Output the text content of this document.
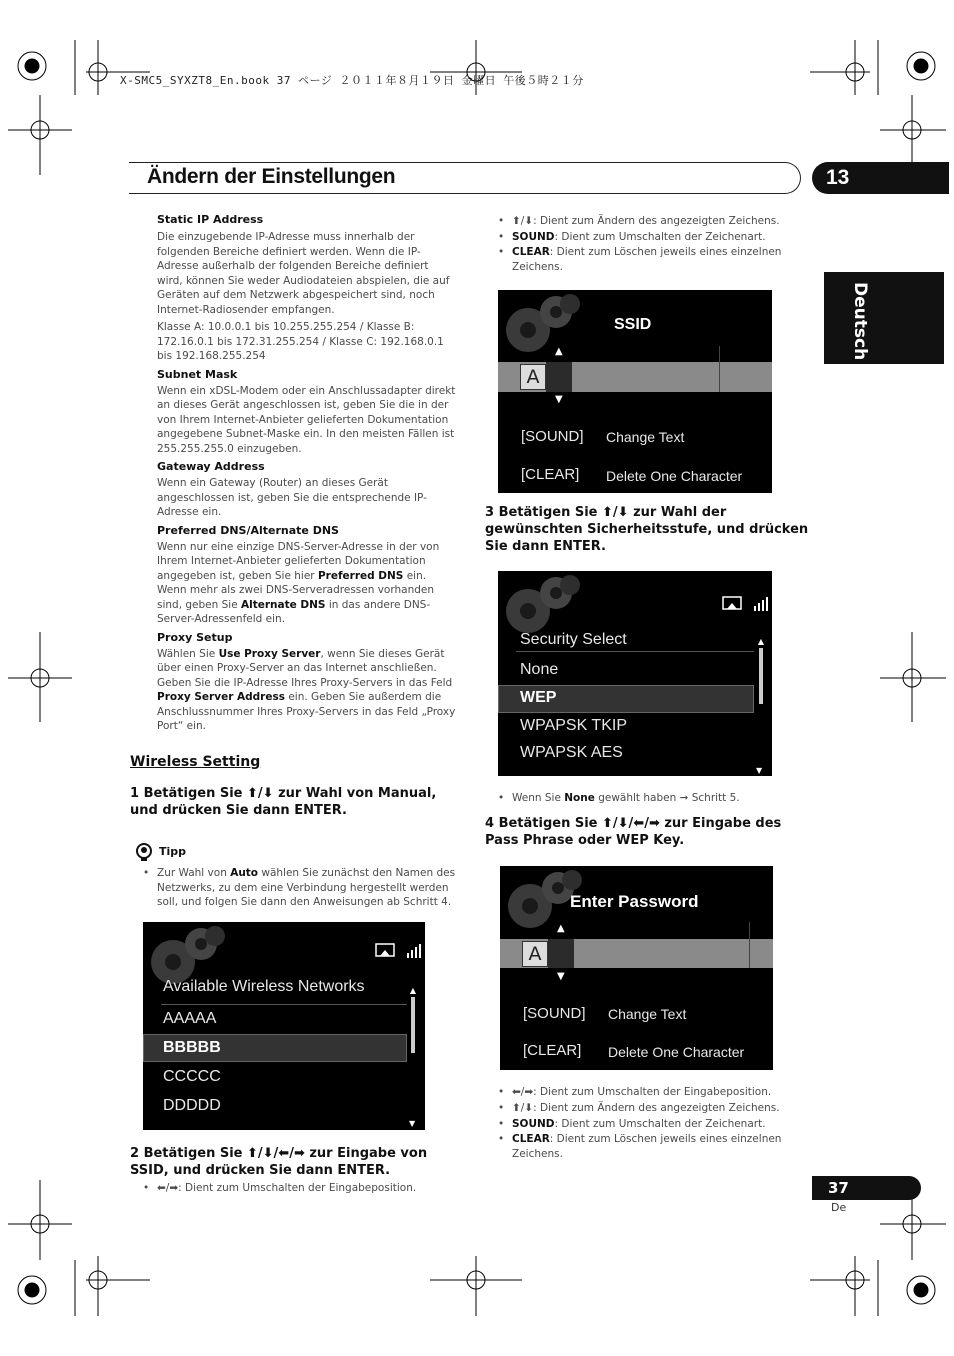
X-SMC5_SYXZT8_En.book 37 ページ ２０１１年８月１９日 金曜日 午後５時２１分
Ändern der Einstellungen	13
Deutsch
Static IP Address
Die einzugebende IP-Adresse muss innerhalb der folgenden Bereiche definiert werden. Wenn die IP-Adresse außerhalb der folgenden Bereiche definiert wird, können Sie weder Audiodateien abspielen, die auf Geräten auf dem Netzwerk abgespeichert sind, noch Internet-Radiosender empfangen.
Klasse A: 10.0.0.1 bis 10.255.255.254 / Klasse B: 172.16.0.1 bis 172.31.255.254 / Klasse C: 192.168.0.1 bis 192.168.255.254
Subnet Mask
Wenn ein xDSL-Modem oder ein Anschlussadapter direkt an dieses Gerät angeschlossen ist, geben Sie die in der von Ihrem Internet-Anbieter gelieferten Dokumentation angegebene Subnet-Maske ein. In den meisten Fällen ist 255.255.255.0 einzugeben.
Gateway Address
Wenn ein Gateway (Router) an dieses Gerät angeschlossen ist, geben Sie die entsprechende IP-Adresse ein.
Preferred DNS/Alternate DNS
Wenn nur eine einzige DNS-Server-Adresse in der von Ihrem Internet-Anbieter gelieferten Dokumentation angegeben ist, geben Sie hier Preferred DNS ein. Wenn mehr als zwei DNS-Serveradressen vorhanden sind, geben Sie Alternate DNS in das andere DNS-Server-Adressenfeld ein.
Proxy Setup
Wählen Sie Use Proxy Server, wenn Sie dieses Gerät über einen Proxy-Server an das Internet anschließen. Geben Sie die IP-Adresse Ihres Proxy-Servers in das Feld Proxy Server Address ein. Geben Sie außerdem die Anschlussnummer Ihres Proxy-Servers in das Feld „Proxy Port“ ein.
Wireless Setting
1 Betätigen Sie ⬆/⬇ zur Wahl von Manual, und drücken Sie dann ENTER.
Tipp
• Zur Wahl von Auto wählen Sie zunächst den Namen des Netzwerks, zu dem eine Verbindung hergestellt werden soll, und folgen Sie dann den Anweisungen ab Schritt 4.
Available Wireless Networks
AAAAA
BBBBB
CCCCC
DDDDD
▲
▼
2 Betätigen Sie ⬆/⬇/⬅/➡ zur Eingabe von SSID, und drücken Sie dann ENTER.
• ⬅/➡: Dient zum Umschalten der Eingabeposition.
• ⬆/⬇: Dient zum Ändern des angezeigten Zeichens.
• SOUND: Dient zum Umschalten der Zeichenart.
• CLEAR: Dient zum Löschen jeweils eines einzelnen Zeichens.
SSID
A
▲
▼
[SOUND] Change Text
[CLEAR] Delete One Character
3 Betätigen Sie ⬆/⬇ zur Wahl der gewünschten Sicherheitsstufe, und drücken Sie dann ENTER.
Security Select
None
WEP
WPAPSK TKIP
WPAPSK AES
▲
▼
• Wenn Sie None gewählt haben ➞ Schritt 5.
4 Betätigen Sie ⬆/⬇/⬅/➡ zur Eingabe des Pass Phrase oder WEP Key.
Enter Password
A
▲
▼
[SOUND] Change Text
[CLEAR] Delete One Character
• ⬅/➡: Dient zum Umschalten der Eingabeposition.
• ⬆/⬇: Dient zum Ändern des angezeigten Zeichens.
• SOUND: Dient zum Umschalten der Zeichenart.
• CLEAR: Dient zum Löschen jeweils eines einzelnen Zeichens.
37
De
